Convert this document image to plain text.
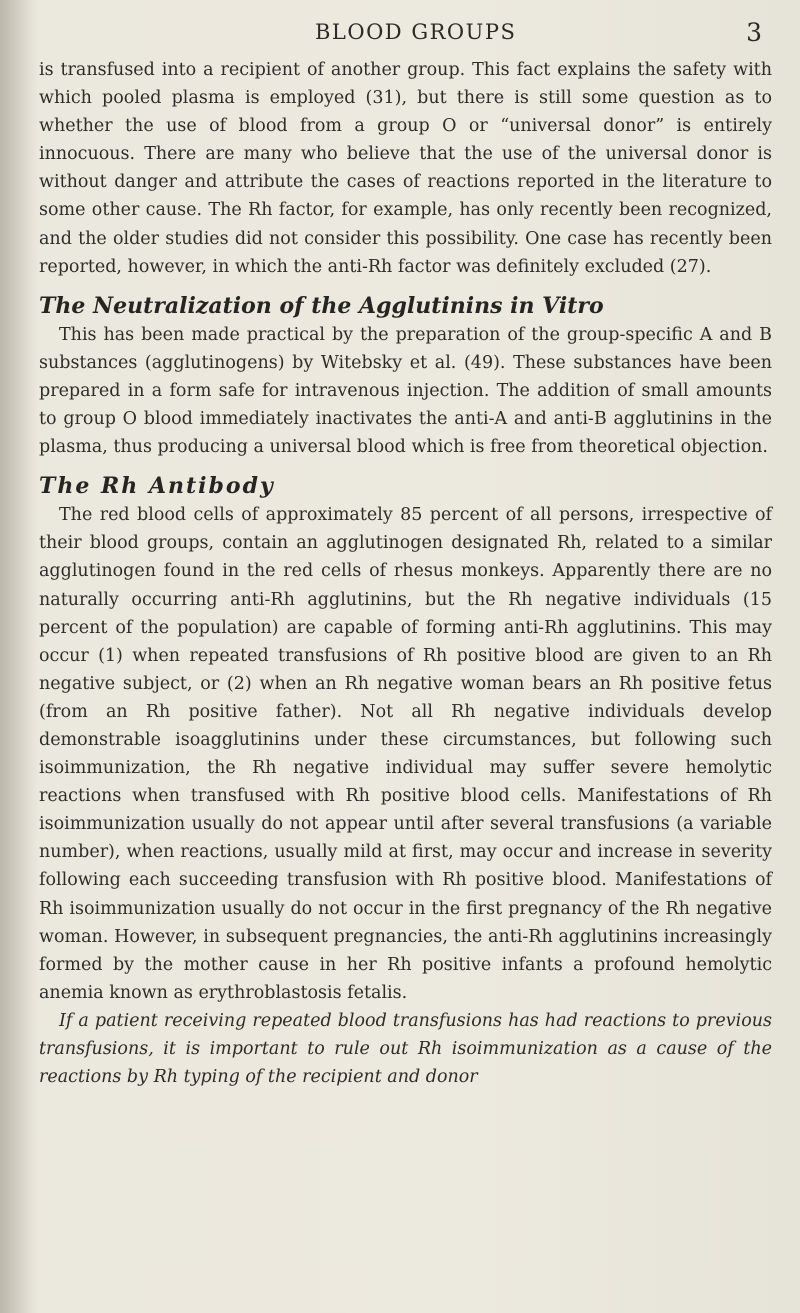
BLOOD GROUPS	3

is transfused into a recipient of another group. This fact explains the safety with which pooled plasma is employed (31), but there is still some question as to whether the use of blood from a group O or “universal donor” is entirely innocuous. There are many who believe that the use of the universal donor is without danger and attribute the cases of reactions reported in the literature to some other cause. The Rh factor, for example, has only recently been recognized, and the older studies did not consider this possibility. One case has recently been reported, however, in which the anti-Rh factor was definitely excluded (27).

The Neutralization of the Agglutinins in Vitro

This has been made practical by the preparation of the group-specific A and B substances (agglutinogens) by Witebsky et al. (49). These substances have been prepared in a form safe for intravenous injection. The addition of small amounts to group O blood immediately inactivates the anti-A and anti-B agglutinins in the plasma, thus producing a universal blood which is free from theoretical objection.

The Rh Antibody

The red blood cells of approximately 85 percent of all persons, irrespective of their blood groups, contain an agglutinogen designated Rh, related to a similar agglutinogen found in the red cells of rhesus monkeys. Apparently there are no naturally occurring anti-Rh agglutinins, but the Rh negative individuals (15 percent of the population) are capable of forming anti-Rh agglutinins. This may occur (1) when repeated transfusions of Rh positive blood are given to an Rh negative subject, or (2) when an Rh negative woman bears an Rh positive fetus (from an Rh positive father). Not all Rh negative individuals develop demonstrable isoagglutinins under these circumstances, but following such isoimmunization, the Rh negative individual may suffer severe hemolytic reactions when transfused with Rh positive blood cells. Manifestations of Rh isoimmunization usually do not appear until after several transfusions (a variable number), when reactions, usually mild at first, may occur and increase in severity following each succeeding transfusion with Rh positive blood. Manifestations of Rh isoimmunization usually do not occur in the first pregnancy of the Rh negative woman. However, in subsequent pregnancies, the anti-Rh agglutinins increasingly formed by the mother cause in her Rh positive infants a profound hemolytic anemia known as erythroblastosis fetalis.

If a patient receiving repeated blood transfusions has had reactions to previous transfusions, it is important to rule out Rh isoimmunization as a cause of the reactions by Rh typing of the recipient and donor
